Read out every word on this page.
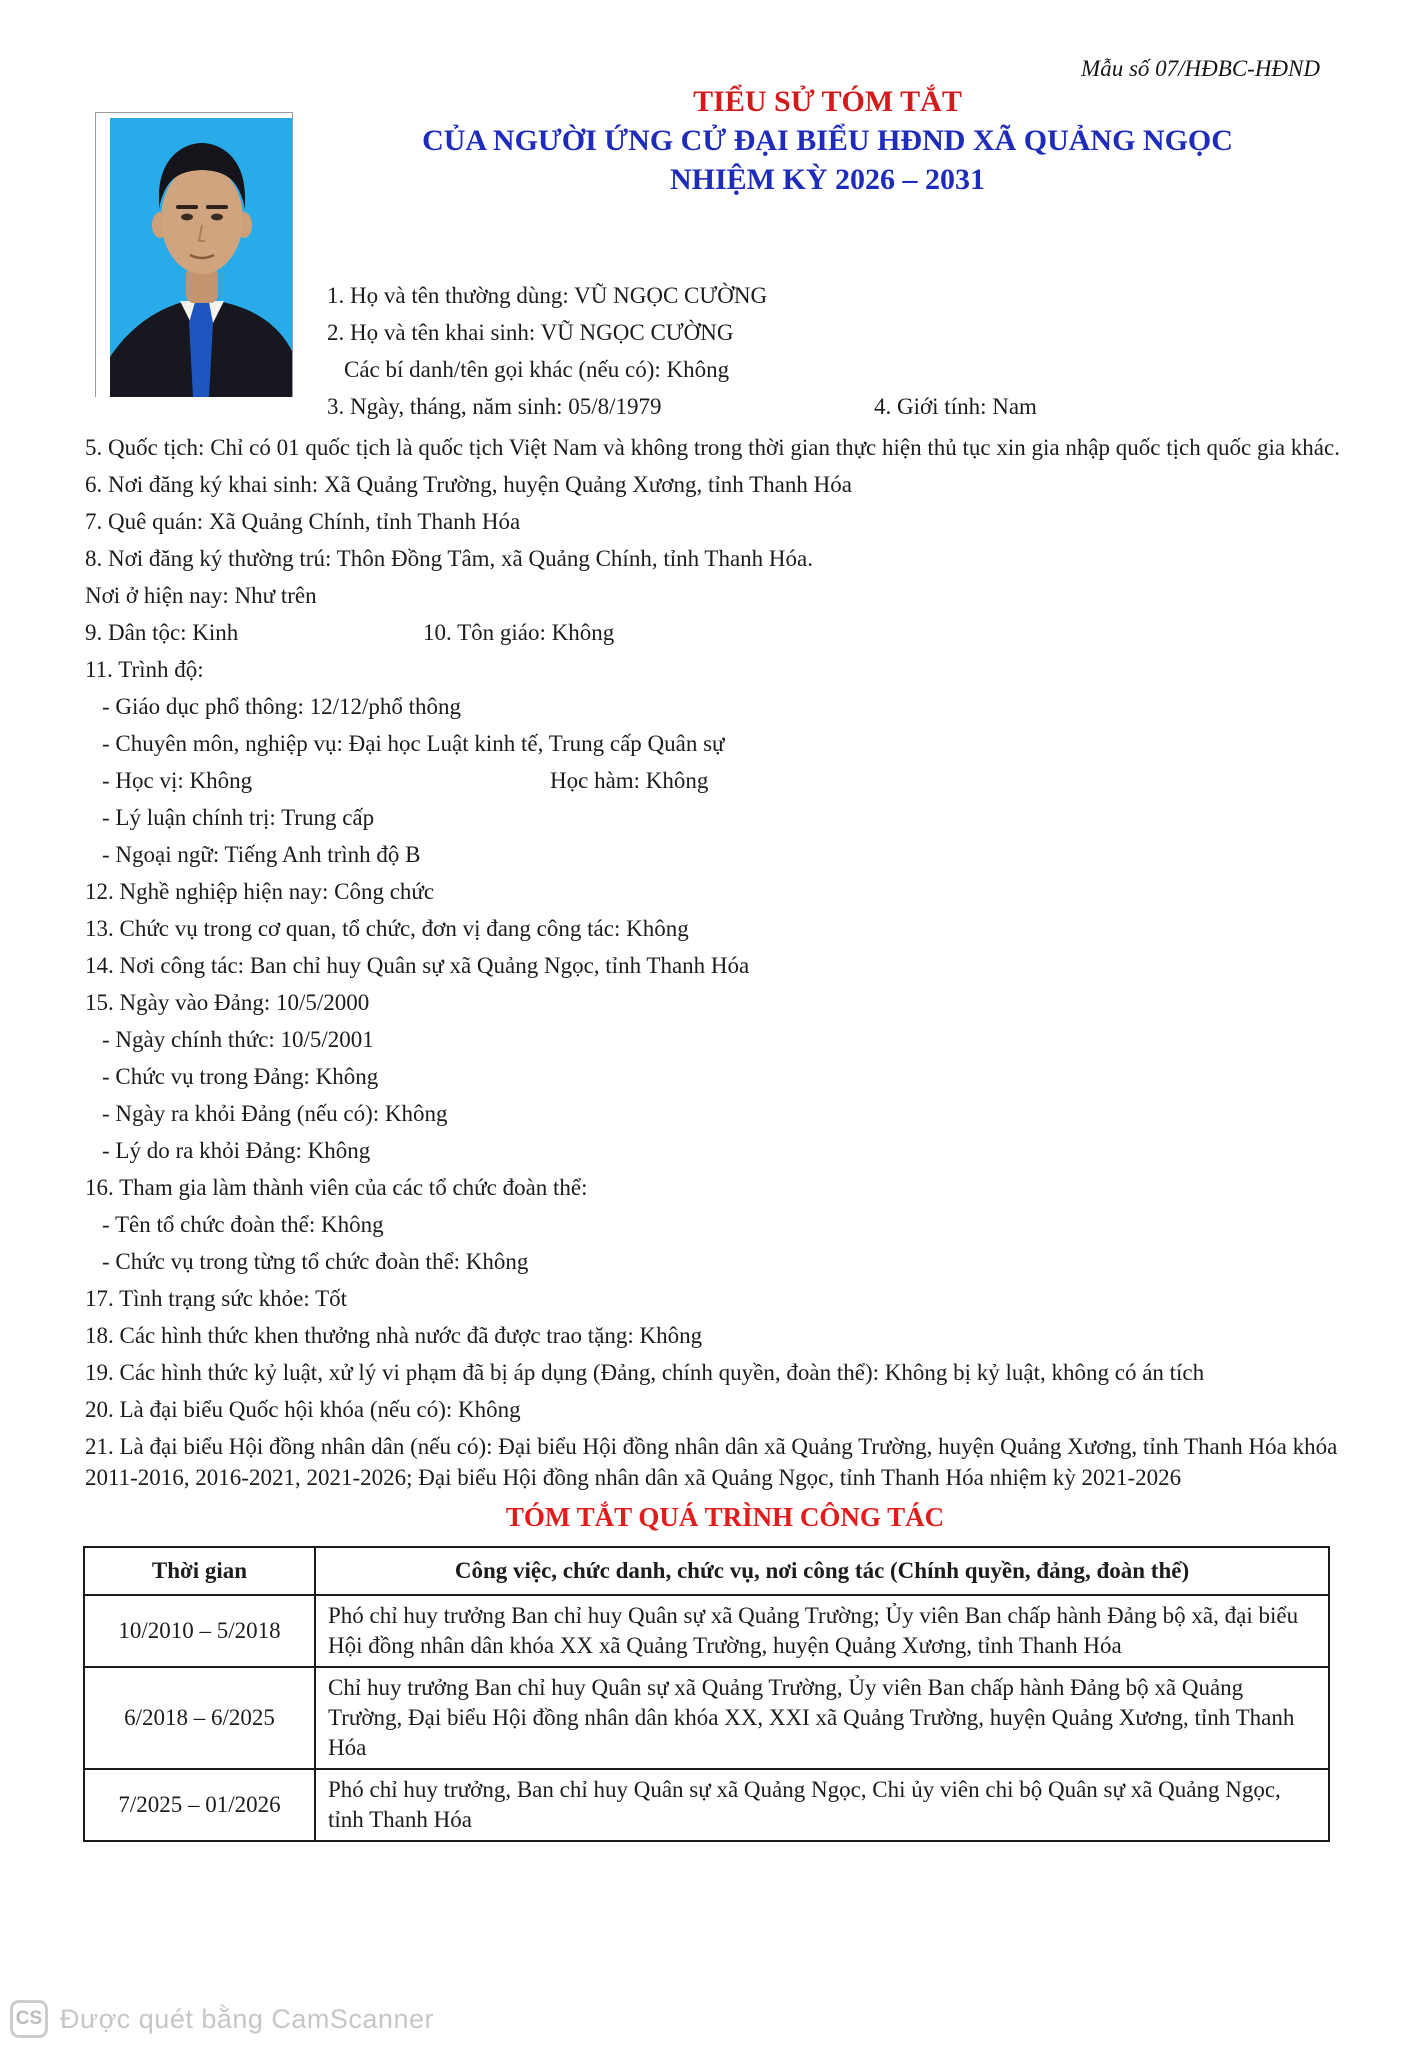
Mẫu số 07/HĐBC-HĐND
TIỂU SỬ TÓM TẮT
CỦA NGƯỜI ỨNG CỬ ĐẠI BIỂU HĐND XÃ QUẢNG NGỌC
NHIỆM KỲ 2026 – 2031
1. Họ và tên thường dùng: VŨ NGỌC CƯỜNG
2. Họ và tên khai sinh: VŨ NGỌC CƯỜNG
Các bí danh/tên gọi khác (nếu có): Không
3. Ngày, tháng, năm sinh: 05/8/1979	4. Giới tính: Nam
5. Quốc tịch: Chỉ có 01 quốc tịch là quốc tịch Việt Nam và không trong thời gian thực hiện thủ tục xin gia nhập quốc tịch quốc gia khác.
6. Nơi đăng ký khai sinh: Xã Quảng Trường, huyện Quảng Xương, tỉnh Thanh Hóa
7. Quê quán: Xã Quảng Chính, tỉnh Thanh Hóa
8. Nơi đăng ký thường trú: Thôn Đồng Tâm, xã Quảng Chính, tỉnh Thanh Hóa.
Nơi ở hiện nay: Như trên
9. Dân tộc: Kinh	10. Tôn giáo: Không
11. Trình độ:
- Giáo dục phổ thông: 12/12/phổ thông
- Chuyên môn, nghiệp vụ: Đại học Luật kinh tế, Trung cấp Quân sự
- Học vị: Không	Học hàm: Không
- Lý luận chính trị: Trung cấp
- Ngoại ngữ: Tiếng Anh trình độ B
12. Nghề nghiệp hiện nay: Công chức
13. Chức vụ trong cơ quan, tổ chức, đơn vị đang công tác: Không
14. Nơi công tác: Ban chỉ huy Quân sự xã Quảng Ngọc, tỉnh Thanh Hóa
15. Ngày vào Đảng: 10/5/2000
- Ngày chính thức: 10/5/2001
- Chức vụ trong Đảng: Không
- Ngày ra khỏi Đảng (nếu có): Không
- Lý do ra khỏi Đảng: Không
16. Tham gia làm thành viên của các tổ chức đoàn thể:
- Tên tổ chức đoàn thể: Không
- Chức vụ trong từng tổ chức đoàn thể: Không
17. Tình trạng sức khỏe: Tốt
18. Các hình thức khen thưởng nhà nước đã được trao tặng: Không
19. Các hình thức kỷ luật, xử lý vi phạm đã bị áp dụng (Đảng, chính quyền, đoàn thể): Không bị kỷ luật, không có án tích
20. Là đại biểu Quốc hội khóa (nếu có): Không
21. Là đại biểu Hội đồng nhân dân (nếu có): Đại biểu Hội đồng nhân dân xã Quảng Trường, huyện Quảng Xương, tỉnh Thanh Hóa khóa 2011-2016, 2016-2021, 2021-2026; Đại biểu Hội đồng nhân dân xã Quảng Ngọc, tỉnh Thanh Hóa nhiệm kỳ 2021-2026
TÓM TẮT QUÁ TRÌNH CÔNG TÁC
Thời gian	Công việc, chức danh, chức vụ, nơi công tác (Chính quyền, đảng, đoàn thể)
10/2010 – 5/2018	Phó chỉ huy trưởng Ban chỉ huy Quân sự xã Quảng Trường; Ủy viên Ban chấp hành Đảng bộ xã, đại biểu Hội đồng nhân dân khóa XX xã Quảng Trường, huyện Quảng Xương, tỉnh Thanh Hóa
6/2018 – 6/2025	Chỉ huy trưởng Ban chỉ huy Quân sự xã Quảng Trường, Ủy viên Ban chấp hành Đảng bộ xã Quảng Trường, Đại biểu Hội đồng nhân dân khóa XX, XXI xã Quảng Trường, huyện Quảng Xương, tỉnh Thanh Hóa
7/2025 – 01/2026	Phó chỉ huy trưởng, Ban chỉ huy Quân sự xã Quảng Ngọc, Chi ủy viên chi bộ Quân sự xã Quảng Ngọc, tỉnh Thanh Hóa
CS Được quét bằng CamScanner
